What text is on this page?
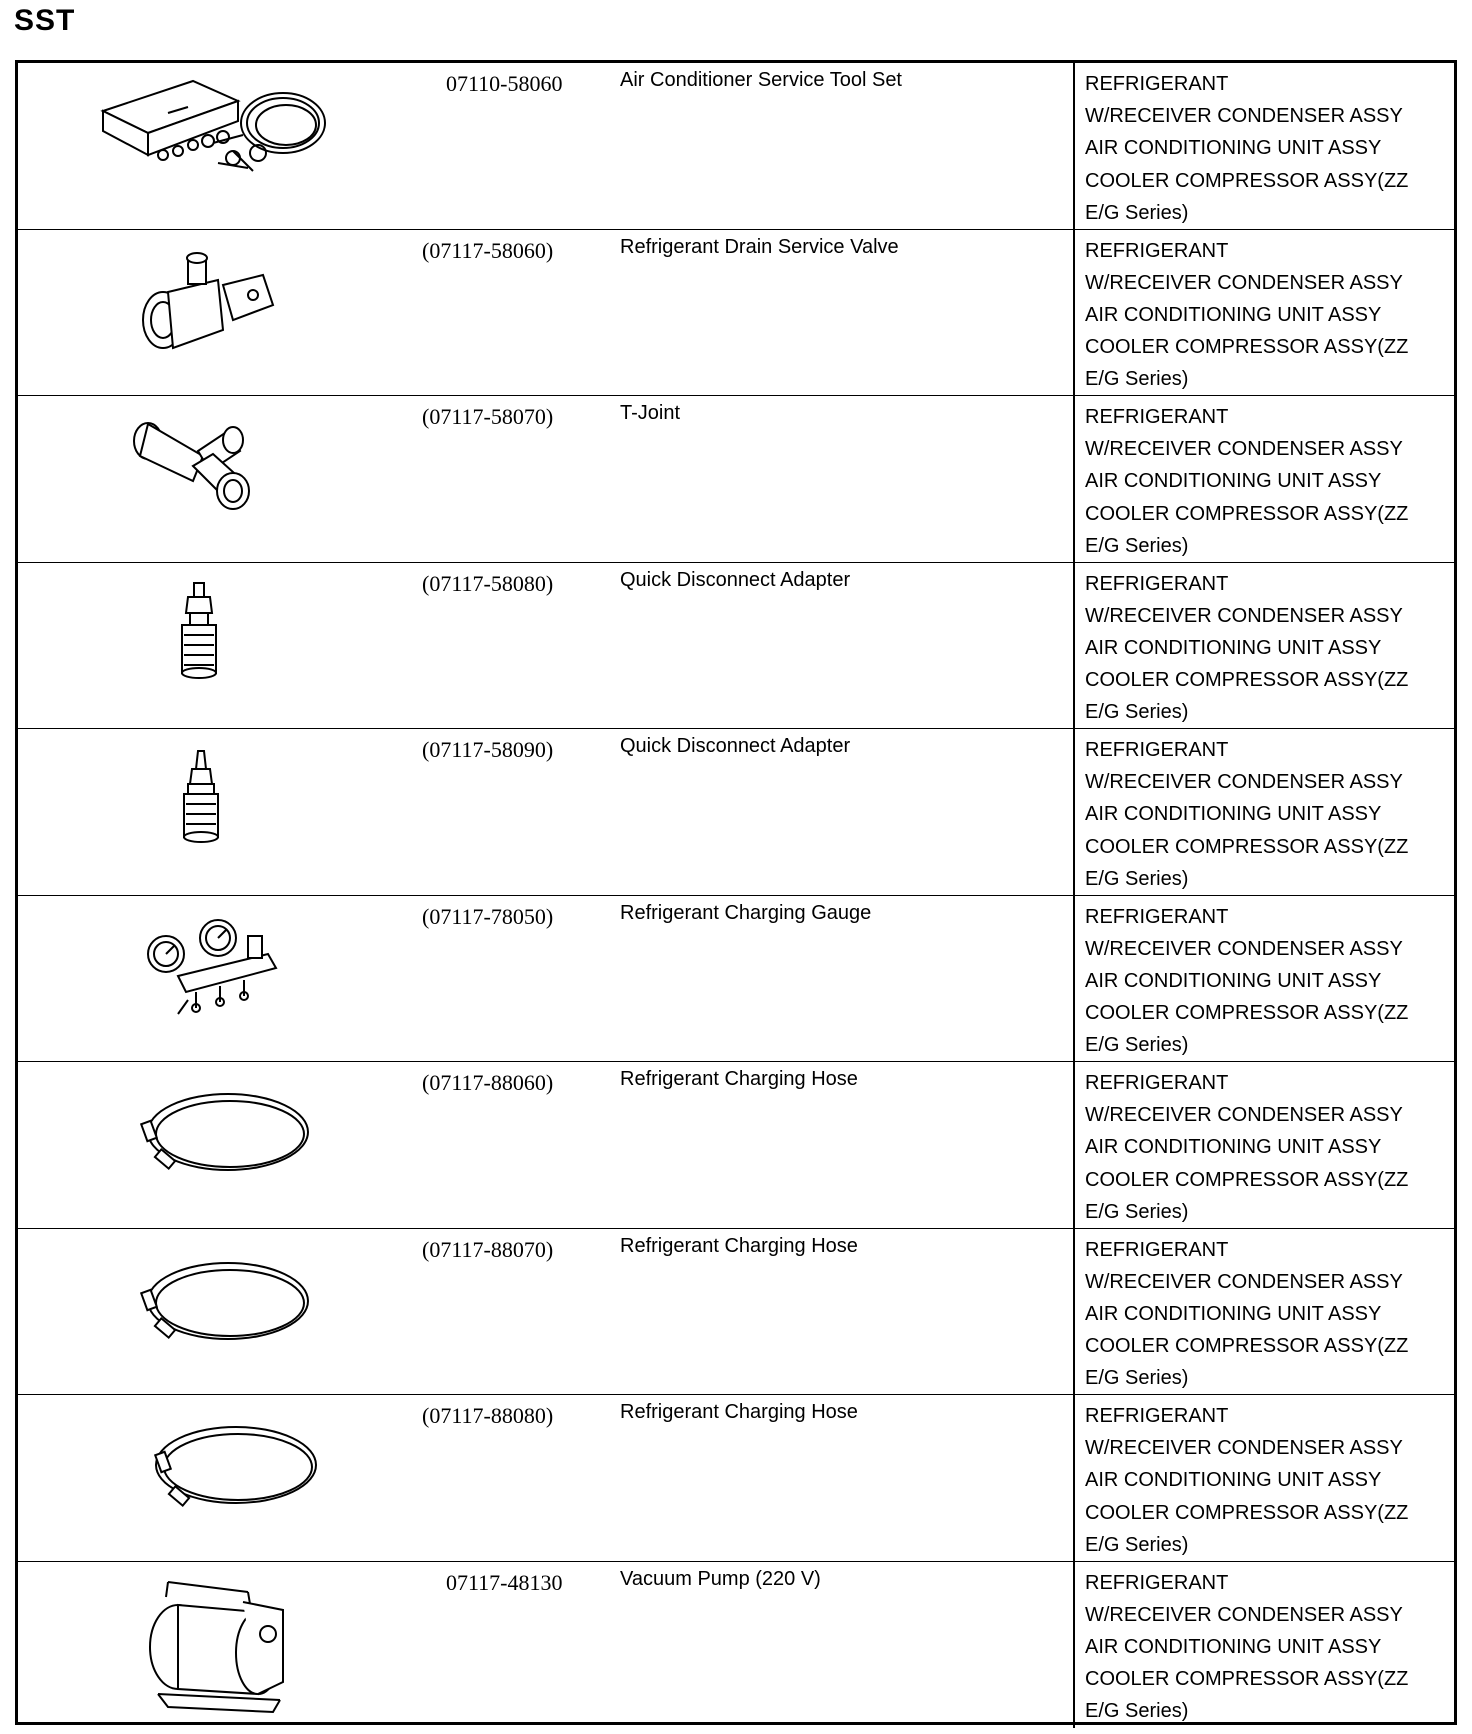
SST
07110-58060	Air Conditioner Service Tool Set	REFRIGERANT
W/RECEIVER CONDENSER ASSY
AIR CONDITIONING UNIT ASSY
COOLER COMPRESSOR ASSY(ZZ
E/G Series)
(07117-58060)	Refrigerant Drain Service Valve	REFRIGERANT
W/RECEIVER CONDENSER ASSY
AIR CONDITIONING UNIT ASSY
COOLER COMPRESSOR ASSY(ZZ
E/G Series)
(07117-58070)	T-Joint	REFRIGERANT
W/RECEIVER CONDENSER ASSY
AIR CONDITIONING UNIT ASSY
COOLER COMPRESSOR ASSY(ZZ
E/G Series)
(07117-58080)	Quick Disconnect Adapter	REFRIGERANT
W/RECEIVER CONDENSER ASSY
AIR CONDITIONING UNIT ASSY
COOLER COMPRESSOR ASSY(ZZ
E/G Series)
(07117-58090)	Quick Disconnect Adapter	REFRIGERANT
W/RECEIVER CONDENSER ASSY
AIR CONDITIONING UNIT ASSY
COOLER COMPRESSOR ASSY(ZZ
E/G Series)
(07117-78050)	Refrigerant Charging Gauge	REFRIGERANT
W/RECEIVER CONDENSER ASSY
AIR CONDITIONING UNIT ASSY
COOLER COMPRESSOR ASSY(ZZ
E/G Series)
(07117-88060)	Refrigerant Charging Hose	REFRIGERANT
W/RECEIVER CONDENSER ASSY
AIR CONDITIONING UNIT ASSY
COOLER COMPRESSOR ASSY(ZZ
E/G Series)
(07117-88070)	Refrigerant Charging Hose	REFRIGERANT
W/RECEIVER CONDENSER ASSY
AIR CONDITIONING UNIT ASSY
COOLER COMPRESSOR ASSY(ZZ
E/G Series)
(07117-88080)	Refrigerant Charging Hose	REFRIGERANT
W/RECEIVER CONDENSER ASSY
AIR CONDITIONING UNIT ASSY
COOLER COMPRESSOR ASSY(ZZ
E/G Series)
07117-48130	Vacuum Pump (220 V)	REFRIGERANT
W/RECEIVER CONDENSER ASSY
AIR CONDITIONING UNIT ASSY
COOLER COMPRESSOR ASSY(ZZ
E/G Series)
